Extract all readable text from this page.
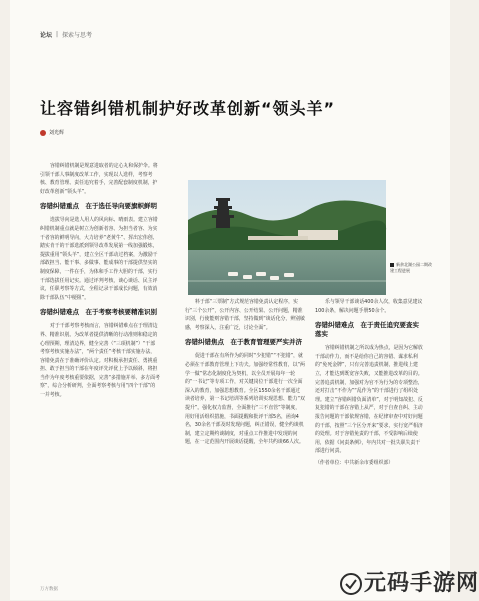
论坛 | 探索与思考
让容错纠错机制护好改革创新“领头羊”
刘光辉
容错纠错机制是规意进取者的定心丸和保护伞。将引领干部人事制度改革工作，实现以人选样，考察考核、教育管理、责任追究着手，完善配套制度机制，护好改革创新“领头羊”。
容错纠错重点　在于选任导向要旗帜鲜明
选拔导向是选人用人的风向标、晴雨表。建立容错纠错机制重点就是树立为创新者容、为担当者容、为实干者容的鲜明导向，大力培养“老黄牛”、挥出宏伟创、踏实肯干的干部选派到领导改革发展第一线加强锻炼，提拔重用“领头羊”，建立全区干部动过档案，为激励干部敢担当、能干事、多做事、能成事的干部提供坚实的制度保障，一件在手，为体和手工作大胆的干部，实行干部选拔任用记实。通过评判考核，谈心谈话、民主评议，任职考察等方式，全程记录干部成长问题，有效消除干部队伍“中梗阻”。
容错纠错难点　在于考察考核要精准识别
对于干部考察考核而言，容错纠错难点在于理清边界、精准识别。为改革者提供清晰的行动准则和稳定的心理预期，理清边界，健全完善（“三项机制”）“干部考察考核实施办法”，“两个责任”考核干部实施办法，容错免责在于准确评价认定。对积极承担责任、勇挑重担、敢于担当的干部在年度评先评优上予以倾斜，将担当作为年度考核重要依据，完善“多措施并举、多方面考察”，综合分析研判，全面考察考核与用“四个干部”的一并考核。
新余北湖公园二期改建工程进展
料于部“三票制”方式规范容错免责认定程序，实行“三个公开”，公开内容、公开结果、公开问题，精准识别，行使能则容错干部，坚持做到“谈话化分，辨别敏感，考察深入，注重广泛，讨论全面”。
容错纠错焦点　在于教育管理要严实并济
促进干部在有所作为的同时“少犯错”“不犯错”，就必须在干部教育管理上下功夫。加强经常性教育，以“两学一做”常态化制度化为契机，以全员开展每年一轮的“一书记”等专项工作，对关键岗位干部进行一次全面深入的教育，加强思想教育。全区1550余名干部通过读者培养，第一书记培训等系列培训实现思想、能力“双提升”。强化权力监督，全面推行“三不直管”等制度，用好用活组织措施，书面提醒和批评干部5名，函询4名，30余名干部及时发现问题，纠正错误，健全约谈机制，建立定期约谈制度，对重点工作推进中发现的问题，在一定范围内开展谈话提醒，全年共约谈66人次。
乐与领导干部谈话400余人次，收集意见建议100余条，解决问题手册50余个。
容错纠错难点　在于责任追究要查实落实
容错纠错机制之所以成为热点，是因为它解放干部动作力，而不是给你自己的容错、谋求私利的“免死金牌”，只有完善追责机制，推进线上建立，才能达到既宽容失败，又能推进改革的目的。完善追责机制，加强对为官不为行为的专项整治，还对打击“不作为”“乱作为”的干部进行了组织处理。建立“容错纠错负面清单”，对于明知故犯、反复犯错的干部在容错上从严，对于自查自纠、主动报告问题的干部依规容错，在纪律审查中对好问题的干部，按照“三个区分开来”要求，实行宽严相济的处理。对于容错免责的干部，不受影响后续使用，依据《问责条例》，年内共对一批失职失责干部进行问责。
（作者单位：中共新余市委组织部）
万方数据	元码手游网
